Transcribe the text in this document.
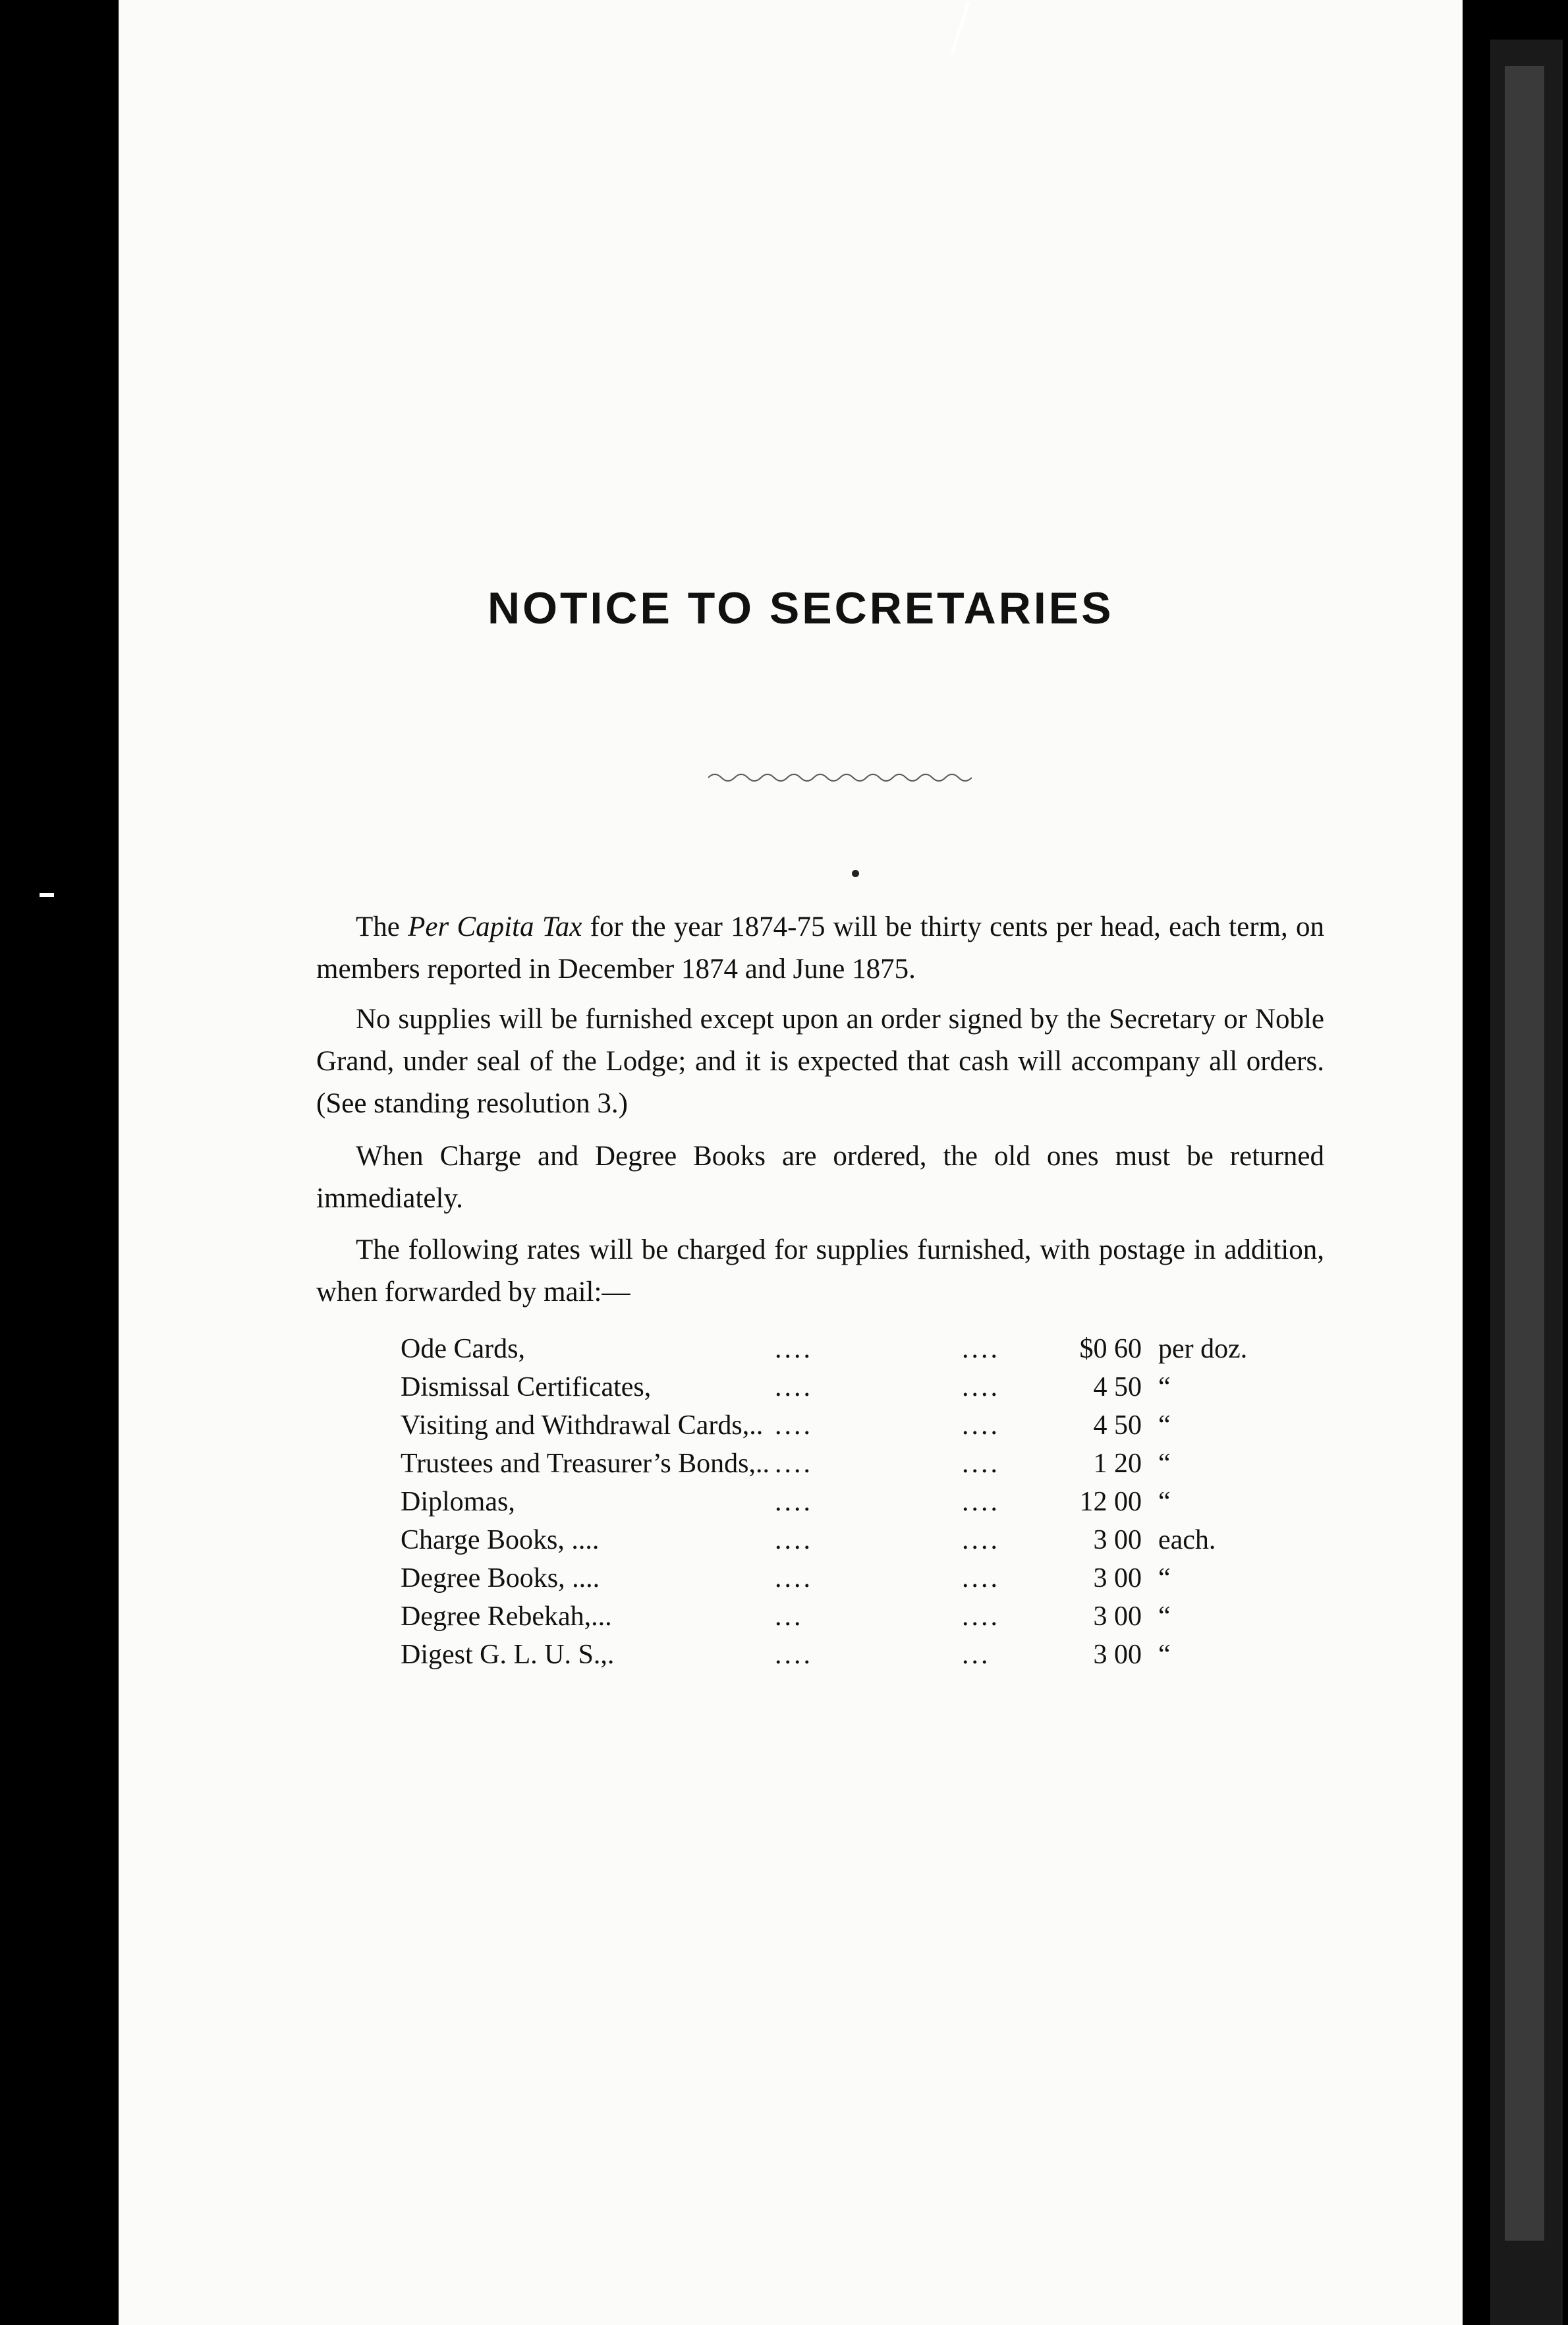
NOTICE TO SECRETARIES

The Per Capita Tax for the year 1874-75 will be thirty cents per head, each term, on members reported in December 1874 and June 1875.

No supplies will be furnished except upon an order signed by the Secretary or Noble Grand, under seal of the Lodge; and it is expected that cash will accompany all orders. (See standing resolution 3.)

When Charge and Degree Books are ordered, the old ones must be returned immediately.

The following rates will be charged for supplies furnished, with postage in addition, when forwarded by mail:—

Ode Cards,	....	....	$0 60 per doz.
Dismissal Certificates,	....	....	4 50 “
Visiting and Withdrawal Cards,.. ....	....	4 50 “
Trustees and Treasurer’s Bonds,.. ....	....	1 20 “
Diplomas,	....	....	12 00 “
Charge Books, ....	....	....	3 00 each.
Degree Books, ....	....	....	3 00 “
Degree Rebekah,...	...	....	3 00 “
Digest G. L. U. S.,.	....	...	3 00 “
